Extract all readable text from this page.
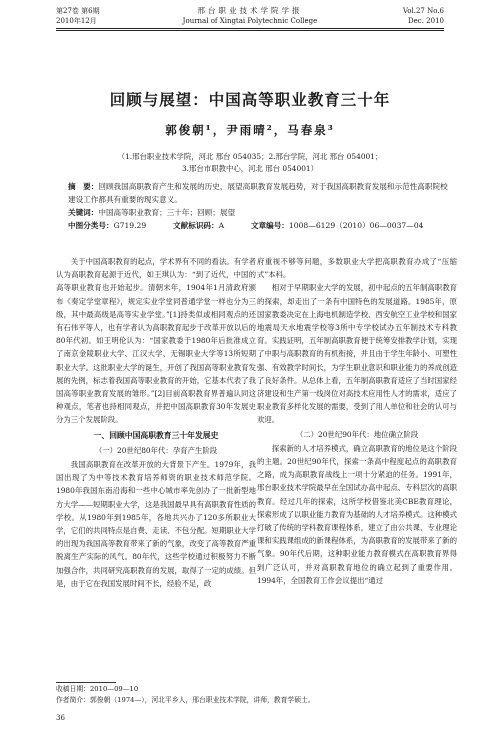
第27卷 第6期
2010年12月
邢台职业技术学院学报
Journal of Xingtai Polytechnic College
Vol.27 No.6
Dec. 2010
回顾与展望：中国高等职业教育三十年
郭俊朝¹，尹雨晴²，马春泉³
（1.邢台职业技术学院，河北 邢台 054035；2.邢台学院，河北 邢台 054001；
3.邢台市职教中心，河北 邢台 054001）
摘　要：回顾我国高职教育产生和发展的历史，展望高职教育发展趋势，对于我国高职教育发展和示范性高职院校建设工作都具有重要的现实意义。
关键词：中国高等职业教育；三十年；回顾；展望
中图分类号：G719.29	文献标识码：A	文章编号：1008—6129（2010）06—0037—04

关于中国高职教育的起点，学术界有不同的看法。有学者认为高职教育起源于近代，如王琪认为：“到了近代，中国的高等职业教育也开始起步。清朝末年，1904年1月清政府颁布《奏定学堂章程》，规定实业学堂同普通学堂一样也分为三级，其中最高级是高等实业学堂。”[1]持类似或相同观点的还有石伟平等人，也有学者认为高职教育起步于改革开放以后的80年代初。如王明伦认为：“国家教委于1980年后批准成立了南京金陵职业大学、江汉大学、无锡职业大学等13所短期职业大学。这批职业大学的诞生，开创了我国高等职业教育发展的先例，标志着我国高等职业教育的开始，它基本代表了我国高等职业教育发展的雏形。”[2]目前高职教育界普遍认同这种观点，笔者也持相同观点，并把中国高职教育30年发展史分为三个发展阶段。

一、回顾中国高职教育三十年发展史
（一）20世纪80年代：孕育产生阶段

我国高职教育在改革开放的大背景下产生。1979年，我国出现了为中等技术教育培养师资的职业技术师范学院。1980年我国东南沿海和一些中心城市率先创办了一批新型地方大学——短期职业大学，这是我国最早具有高职教育性质的学校。从1980年到1985年，各地共兴办了120多所职业大学，它们的共同特点是自费、走读、不包分配。短期职业大学的出现为我国高等教育带来了新的气象，改变了高等教育严重脱离生产实际的风气。80年代，这些学校通过积极努力不断加强合作，共同研究高职教育的发展，取得了一定的成绩。但是，由于它在我国发展时间不长，经验不足，政

府重视不够等问题，多数职业大学把高职教育办成了“压缩式”本科。

相对于早期职业大学的发展，初中起点的五年制高职教育的探索，却走出了一条有中国特色的发展道路。1985年，原国家教委决定在上海电机制造学校、西安航空工业学校和国家地震局天水地震学校等3所中专学校试办五年制技术专科教育。实践证明，五年制高职教育便于统筹安排教学计划，实现了中职与高职教育的有机衔接，并且由于学生年龄小、可塑性强、有效教学时间长，为学生职业意识和职业能力的养成创造了良好条件。从总体上看，五年制高职教育适应了当时国家经济建设和生产第一线岗位对高技术应用性人才的需求，适应了职业教育多样化发展的需要，受到了用人单位和社会的认可与欢迎。

（二）20世纪90年代：地位确立阶段

探索新的人才培养模式，确立高职教育的地位是这个阶段的主题。20世纪90年代，探索一条高中程度起点的高职教育之路，成为高职教育战线上一项十分紧迫的任务。1991年，邢台职业技术学院最早在全国试办高中起点、专科层次的高职教育。经过几年的探索，这所学校借鉴北美CBE教育理论，探索形成了以职业能力教育为基础的人才培养模式。这种模式打破了传统的学科教育课程体系，建立了由公共课、专业理论课和实践课组成的新课程体系，为高职教育的发展带来了新的气象。90年代后期，这种职业能力教育模式在高职教育界得到广泛认可，并对高职教育地位的确立起到了重要作用。1994年，全国教育工作会议提出“通过

收稿日期：2010—09—10
作者简介：郭俊朝（1974—），河北平乡人，邢台职业技术学院，讲师，教育学硕士。
36
